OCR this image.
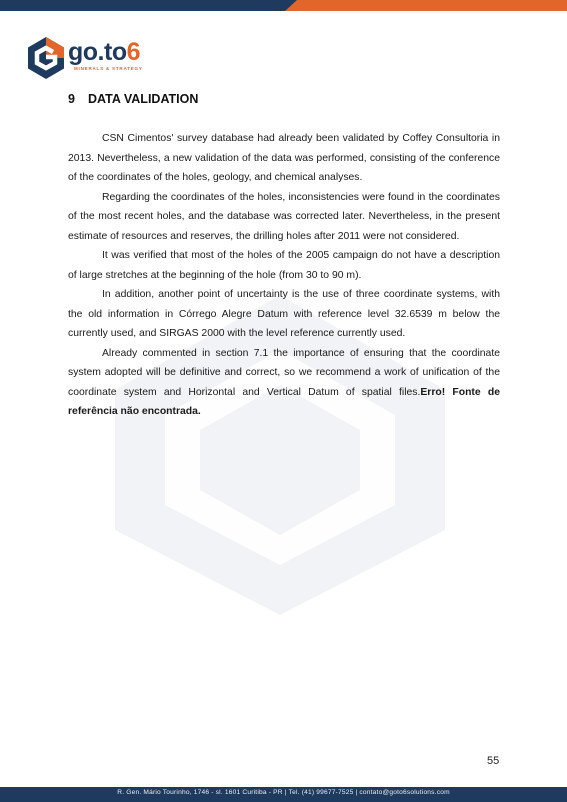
go.to6
MINERALS & STRATEGY
9 DATA VALIDATION

CSN Cimentos' survey database had already been validated by Coffey Consultoria in 2013. Nevertheless, a new validation of the data was performed, consisting of the conference of the coordinates of the holes, geology, and chemical analyses.

Regarding the coordinates of the holes, inconsistencies were found in the coordinates of the most recent holes, and the database was corrected later. Nevertheless, in the present estimate of resources and reserves, the drilling holes after 2011 were not considered.

It was verified that most of the holes of the 2005 campaign do not have a description of large stretches at the beginning of the hole (from 30 to 90 m).

In addition, another point of uncertainty is the use of three coordinate systems, with the old information in Córrego Alegre Datum with reference level 32.6539 m below the currently used, and SIRGAS 2000 with the level reference currently used.

Already commented in section 7.1 the importance of ensuring that the coordinate system adopted will be definitive and correct, so we recommend a work of unification of the coordinate system and Horizontal and Vertical Datum of spatial files.Erro! Fonte de referência não encontrada.

55
R. Gen. Mário Tourinho, 1746 - sl. 1601 Curitiba - PR | Tel. (41) 99677-7525 | contato@goto6solutions.com
